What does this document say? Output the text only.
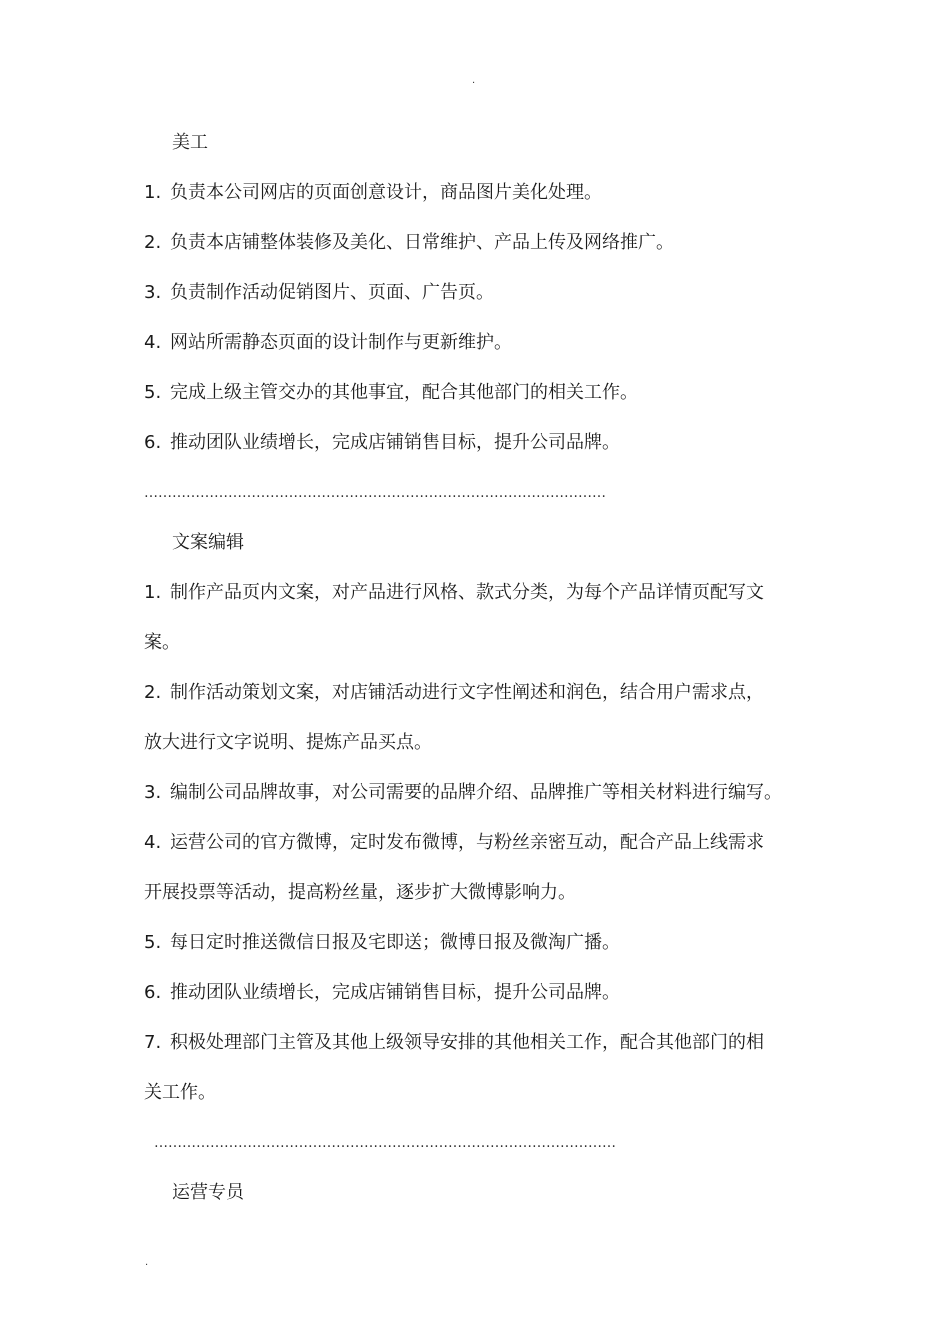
.
美工
1. 负责本公司网店的页面创意设计，商品图片美化处理。
2. 负责本店铺整体装修及美化、日常维护、产品上传及网络推广。
3. 负责制作活动促销图片、页面、广告页。
4. 网站所需静态页面的设计制作与更新维护。
5. 完成上级主管交办的其他事宜，配合其他部门的相关工作。
6. 推动团队业绩增长，完成店铺销售目标，提升公司品牌。
………………………………………………………………………………………
文案编辑
1. 制作产品页内文案，对产品进行风格、款式分类，为每个产品详情页配写文
案。
2. 制作活动策划文案，对店铺活动进行文字性阐述和润色，结合用户需求点，
放大进行文字说明、提炼产品买点。
3. 编制公司品牌故事，对公司需要的品牌介绍、品牌推广等相关材料进行编写。
4. 运营公司的官方微博，定时发布微博，与粉丝亲密互动，配合产品上线需求
开展投票等活动，提高粉丝量，逐步扩大微博影响力。
5. 每日定时推送微信日报及宅即送；微博日报及微淘广播。
6. 推动团队业绩增长，完成店铺销售目标，提升公司品牌。
7. 积极处理部门主管及其他上级领导安排的其他相关工作，配合其他部门的相
关工作。
………………………………………………………………………………………
运营专员
.
